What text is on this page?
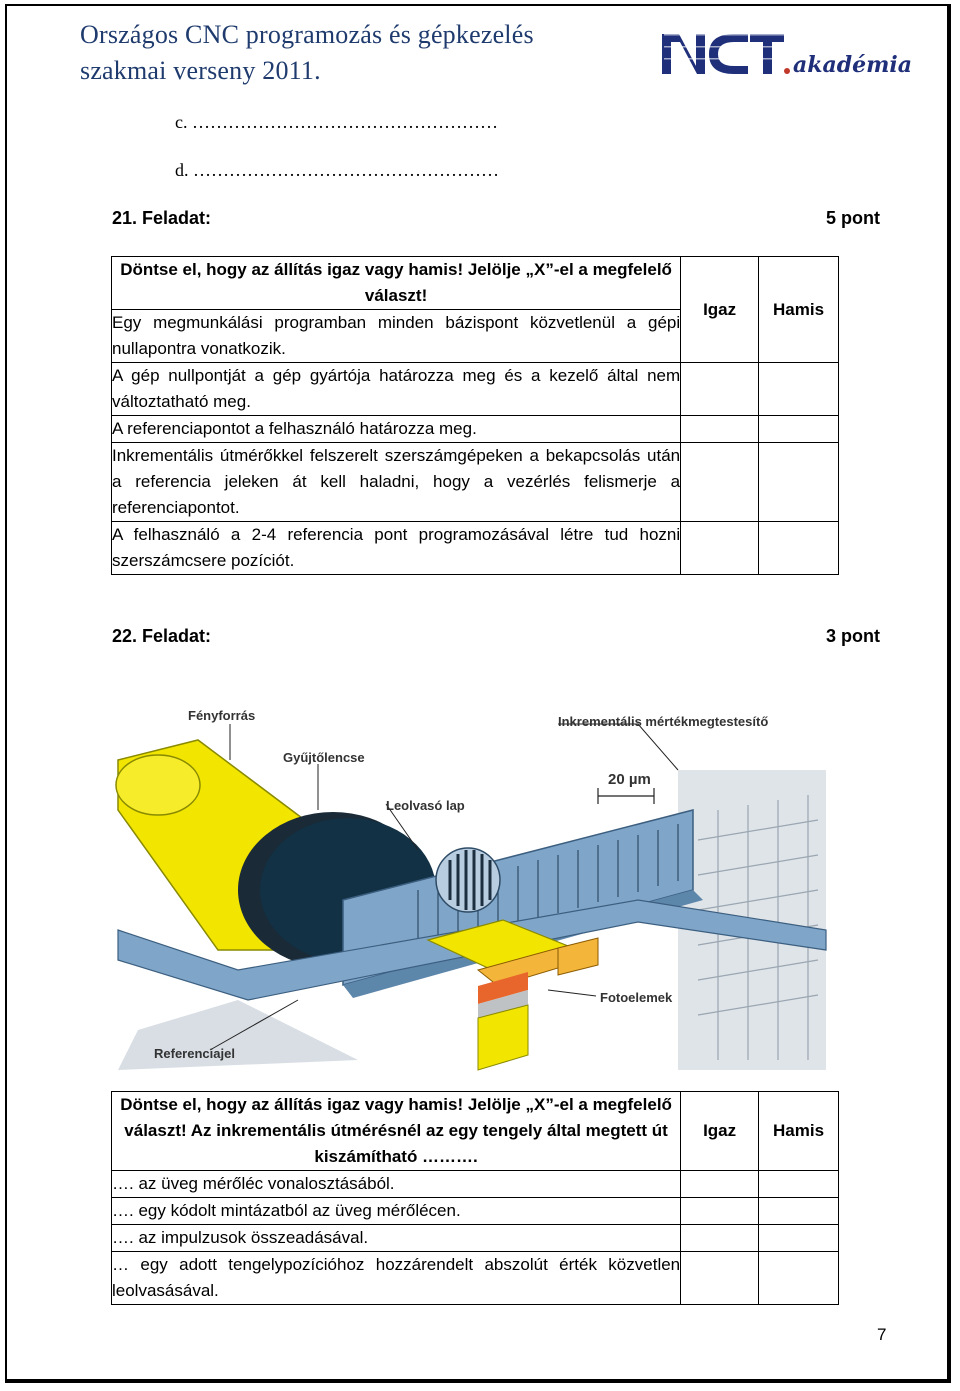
Országos CNC programozás és gépkezelés
szakmai verseny 2011.	akadémia
c. ……………………………………………
d. ……………………………………………
21. Feladat:	5 pont
Döntse el, hogy az állítás igaz vagy hamis! Jelölje „X”-el a megfelelő választ!	Igaz	Hamis
Egy megmunkálási programban minden bázispont közvetlenül a gépi nullapontra vonatkozik.		
A gép nullpontját a gép gyártója határozza meg és a kezelő által nem változtatható meg.		
A referenciapontot a felhasználó határozza meg.		
Inkrementális útmérőkkel felszerelt szerszámgépeken a bekapcsolás után a referencia jeleken át kell haladni, hogy a vezérlés felismerje a referenciapontot.		
A felhasználó a 2-4 referencia pont programozásával létre tud hozni szerszámcsere pozíciót.		
22. Feladat:	3 pont
Fényforrás
Gyűjtőlencse
Inkrementális mértékmegtestesítő
20 µm
Leolvasó lap
Fotoelemek
Referenciajel
Döntse el, hogy az állítás igaz vagy hamis! Jelölje „X”-el a megfelelő választ! Az inkrementális útmérésnél az egy tengely által megtett út kiszámítható ……….	Igaz	Hamis
…. az üveg mérőléc vonalosztásából.		
…. egy kódolt mintázatból az üveg mérőlécen.		
…. az impulzusok összeadásával.		
… egy adott tengelypozícióhoz hozzárendelt abszolút érték közvetlen leolvasásával.		
7
